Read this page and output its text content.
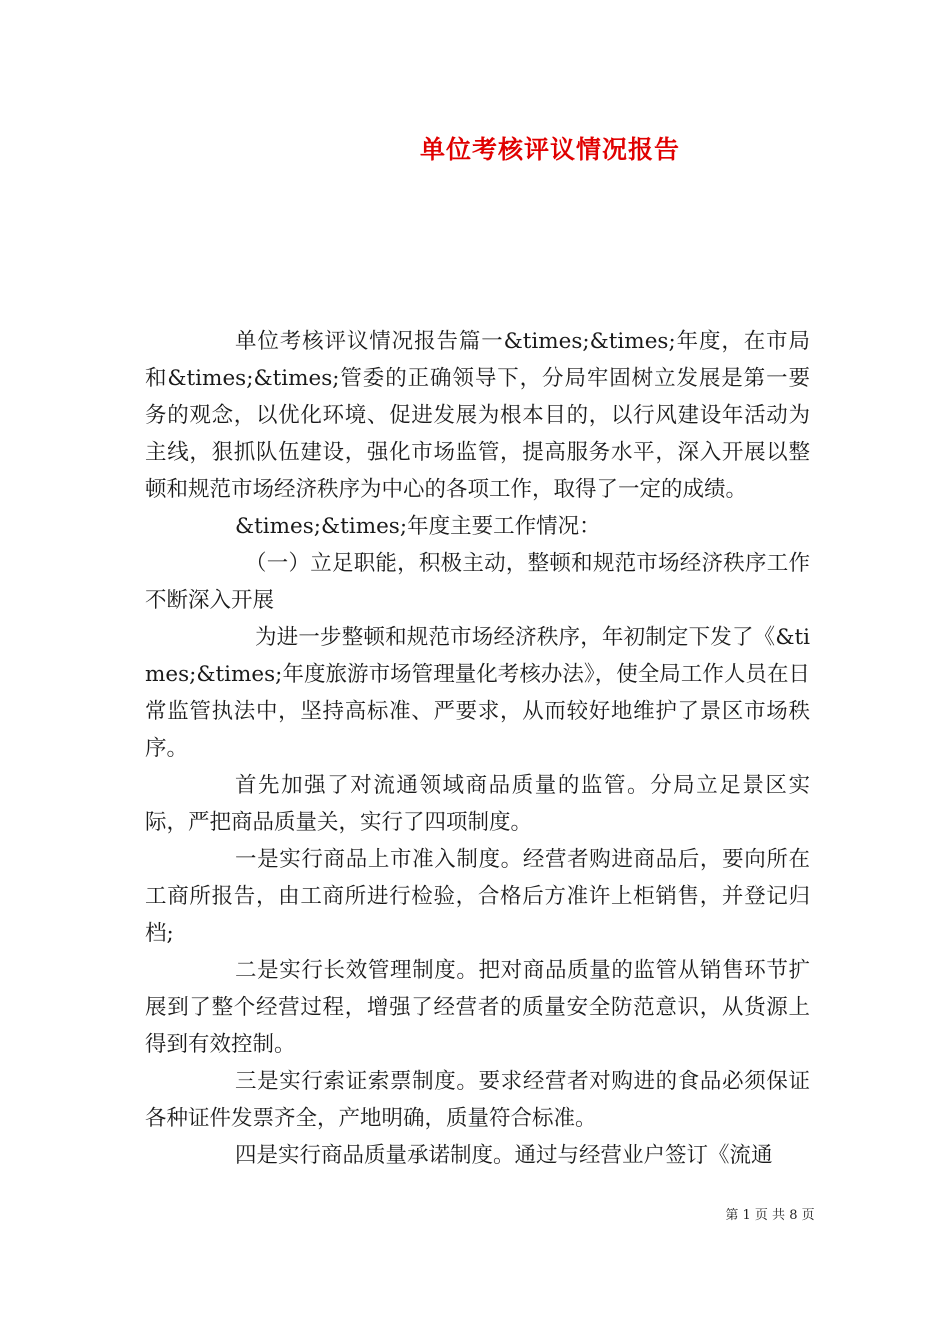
单位考核评议情况报告

单位考核评议情况报告篇一&times;&times;年度，在市局和&times;&times;管委的正确领导下，分局牢固树立发展是第一要务的观念，以优化环境、促进发展为根本目的，以行风建设年活动为主线，狠抓队伍建设，强化市场监管，提高服务水平，深入开展以整顿和规范市场经济秩序为中心的各项工作，取得了一定的成绩。

&times;&times;年度主要工作情况：

（一）立足职能，积极主动，整顿和规范市场经济秩序工作不断深入开展

为进一步整顿和规范市场经济秩序，年初制定下发了《&times;&times;年度旅游市场管理量化考核办法》，使全局工作人员在日常监管执法中，坚持高标准、严要求，从而较好地维护了景区市场秩序。

首先加强了对流通领域商品质量的监管。分局立足景区实际，严把商品质量关，实行了四项制度。

一是实行商品上市准入制度。经营者购进商品后，要向所在工商所报告，由工商所进行检验，合格后方准许上柜销售，并登记归档;

二是实行长效管理制度。把对商品质量的监管从销售环节扩展到了整个经营过程，增强了经营者的质量安全防范意识，从货源上得到有效控制。

三是实行索证索票制度。要求经营者对购进的食品必须保证各种证件发票齐全，产地明确，质量符合标准。

四是实行商品质量承诺制度。通过与经营业户签订《流通

第 1 页 共 8 页
